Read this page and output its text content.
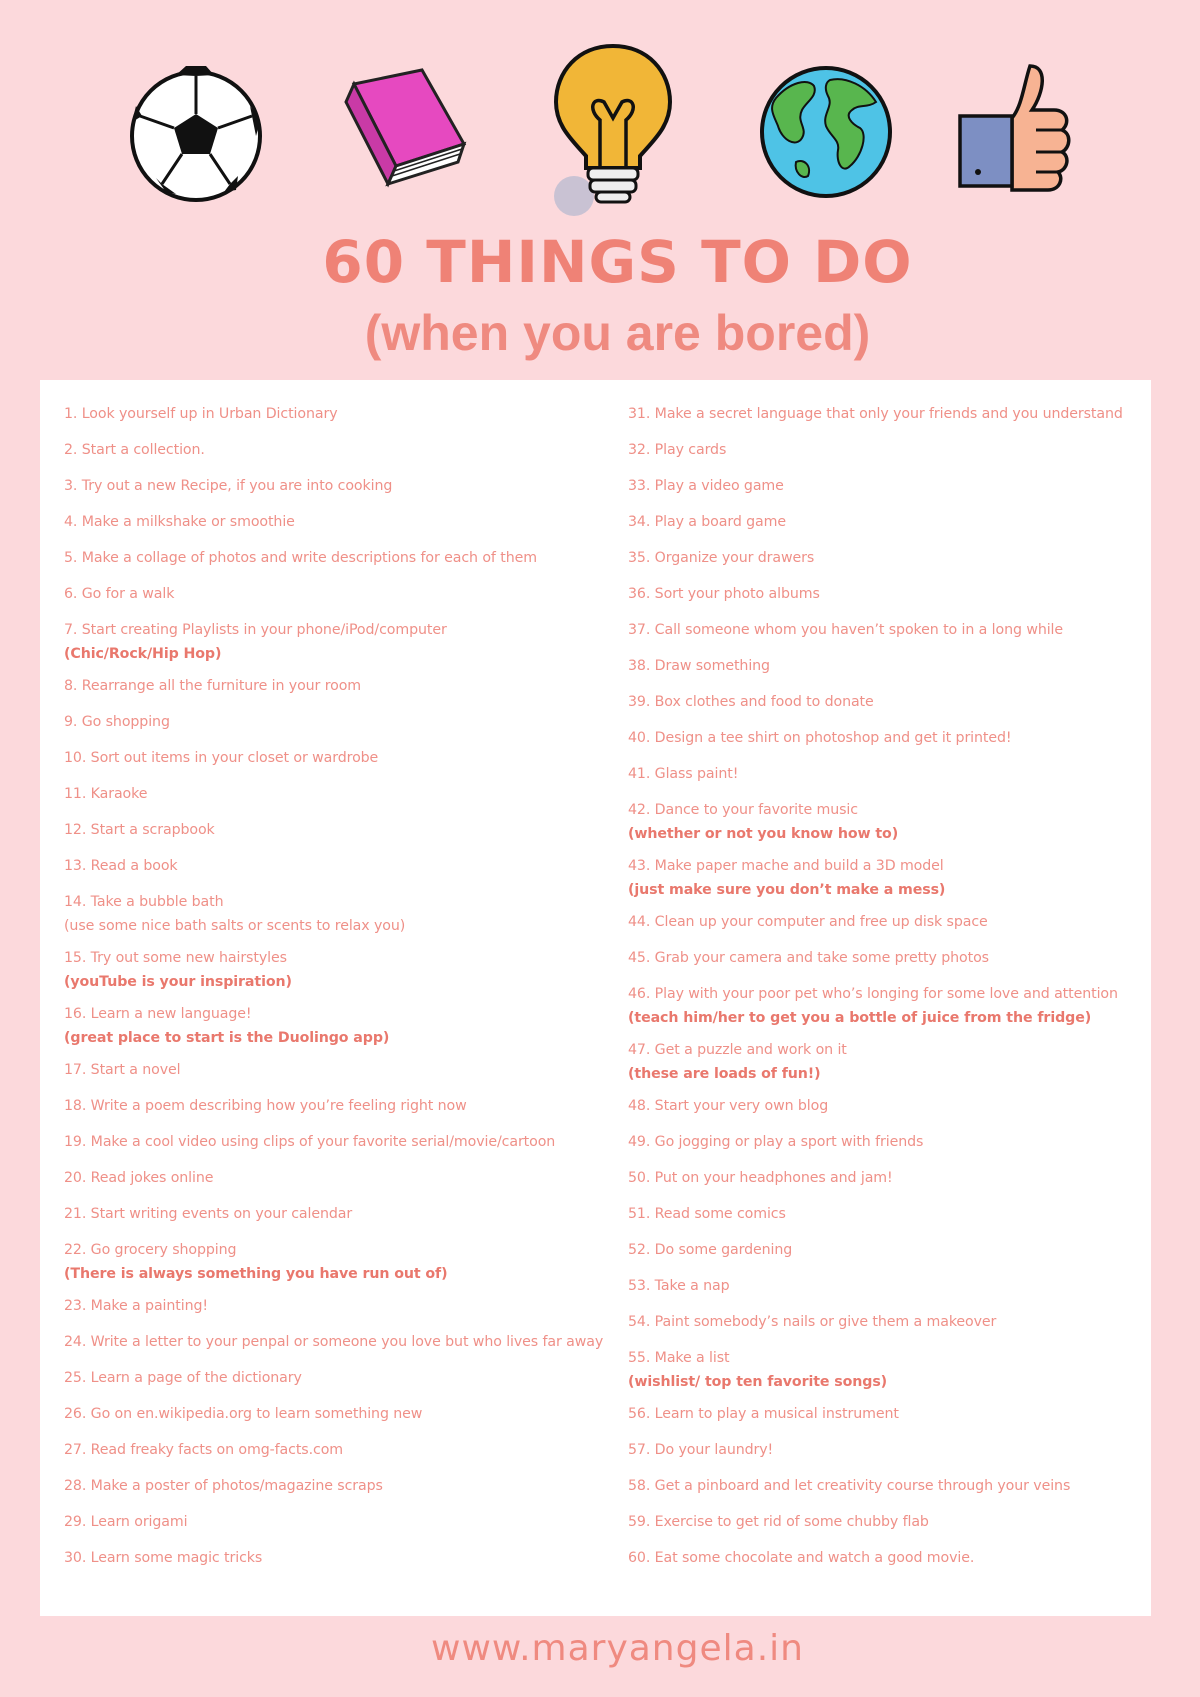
60 THINGS TO DO
(when you are bored)
1. Look yourself up in Urban Dictionary
2. Start a collection.
3. Try out a new Recipe, if you are into cooking
4. Make a milkshake or smoothie
5. Make a collage of photos and write descriptions for each of them
6. Go for a walk
7. Start creating Playlists in your phone/iPod/computer
(Chic/Rock/Hip Hop)
8. Rearrange all the furniture in your room
9. Go shopping
10. Sort out items in your closet or wardrobe
11. Karaoke
12. Start a scrapbook
13. Read a book
14. Take a bubble bath
(use some nice bath salts or scents to relax you)
15. Try out some new hairstyles
(youTube is your inspiration)
16. Learn a new language!
(great place to start is the Duolingo app)
17. Start a novel
18. Write a poem describing how you’re feeling right now
19. Make a cool video using clips of your favorite serial/movie/cartoon
20. Read jokes online
21. Start writing events on your calendar
22. Go grocery shopping
(There is always something you have run out of)
23. Make a painting!
24. Write a letter to your penpal or someone you love but who lives far away
25. Learn a page of the dictionary
26. Go on en.wikipedia.org to learn something new
27. Read freaky facts on omg-facts.com
28. Make a poster of photos/magazine scraps
29. Learn origami
30. Learn some magic tricks
31. Make a secret language that only your friends and you understand
32. Play cards
33. Play a video game
34. Play a board game
35. Organize your drawers
36. Sort your photo albums
37. Call someone whom you haven’t spoken to in a long while
38. Draw something
39. Box clothes and food to donate
40. Design a tee shirt on photoshop and get it printed!
41. Glass paint!
42. Dance to your favorite music
(whether or not you know how to)
43. Make paper mache and build a 3D model
(just make sure you don’t make a mess)
44. Clean up your computer and free up disk space
45. Grab your camera and take some pretty photos
46. Play with your poor pet who’s longing for some love and attention
(teach him/her to get you a bottle of juice from the fridge)
47. Get a puzzle and work on it
(these are loads of fun!)
48. Start your very own blog
49. Go jogging or play a sport with friends
50. Put on your headphones and jam!
51. Read some comics
52. Do some gardening
53. Take a nap
54. Paint somebody’s nails or give them a makeover
55. Make a list
(wishlist/ top ten favorite songs)
56. Learn to play a musical instrument
57. Do your laundry!
58. Get a pinboard and let creativity course through your veins
59. Exercise to get rid of some chubby flab
60. Eat some chocolate and watch a good movie.
www.maryangela.in
